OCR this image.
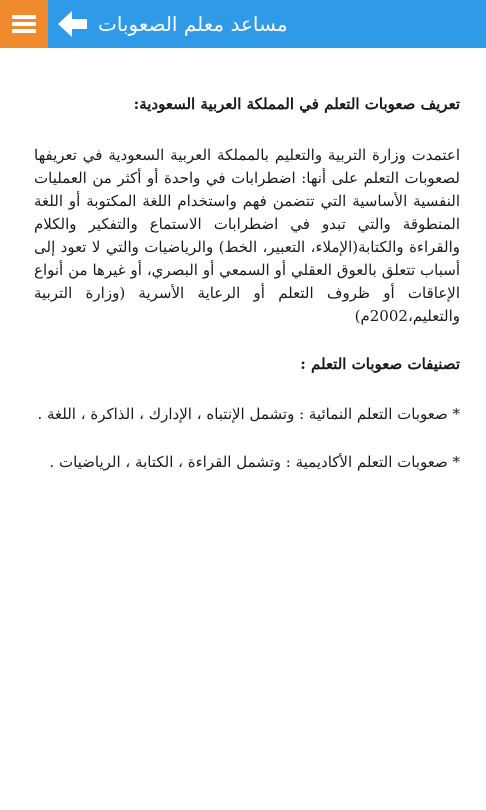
مساعد معلم الصعوبات

تعريف صعوبات التعلم في المملكة العربية السعودية:

اعتمدت وزارة التربية والتعليم بالمملكة العربية السعودية في تعريفها لصعوبات التعلم على أنها: اضطرابات في واحدة أو أكثر من العمليات النفسية الأساسية التي تتضمن فهم واستخدام اللغة المكتوبة أو اللغة المنطوقة والتي تبدو في اضطرابات الاستماع والتفكير والكلام والقراءة والكتابة(الإملاء، التعبير، الخط) والرياضيات والتي لا تعود إلى أسباب تتعلق بالعوق العقلي أو السمعي أو البصري، أو غيرها من أنواع الإعاقات أو ظروف التعلم أو الرعاية الأسرية (وزارة التربية والتعليم،2002م)

تصنيفات صعوبات التعلم :

* صعوبات التعلم النمائية : وتشمل الإنتباه ، الإدارك ، الذاكرة ، اللغة .

* صعوبات التعلم الأكاديمية : وتشمل القراءة ، الكتابة ، الرياضيات .
